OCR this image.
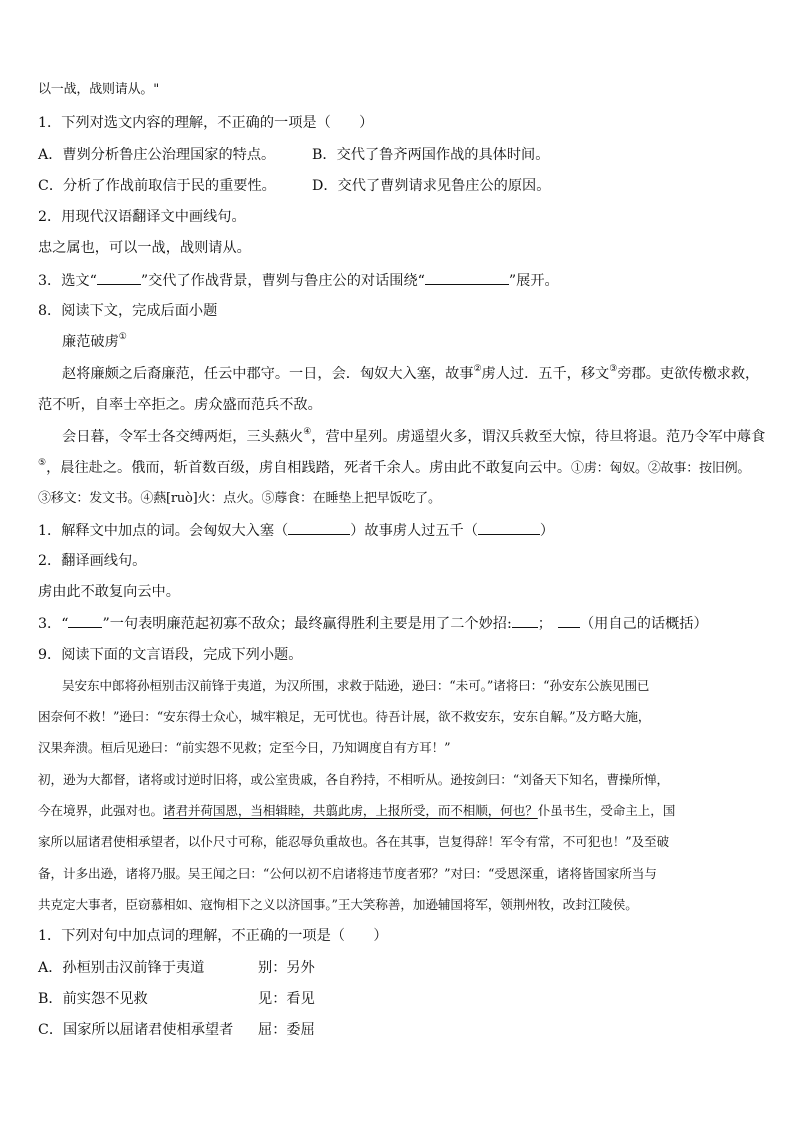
以一战，战则请从。"
1．下列对选文内容的理解，不正确的一项是（　　）
A．曹刿分析鲁庄公治理国家的特点。	B．交代了鲁齐两国作战的具体时间。
C．分析了作战前取信于民的重要性。	D．交代了曹刿请求见鲁庄公的原因。
2．用现代汉语翻译文中画线句。
忠之属也，可以一战，战则请从。
3．选文“	”交代了作战背景，曹刿与鲁庄公的对话围绕“	”展开。
8．阅读下文，完成后面小题
廉范破虏①
赵将廉颇之后裔廉范，任云中郡守。一日，会．匈奴大入塞，故事②虏人过．五千，移文③旁郡。吏欲传檄求救，
范不听，自率士卒拒之。虏众盛而范兵不敌。
会日暮，令军士各交缚两炬，三头爇火④，营中星列。虏遥望火多，谓汉兵救至大惊，待旦将退。范乃令军中蓐食
⑤，晨往赴之。俄而，斩首数百级，虏自相践踏，死者千余人。虏由此不敢复向云中。①虏：匈奴。②故事：按旧例。
③移文：发文书。④爇[ruò]火：点火。⑤蓐食：在睡垫上把早饭吃了。
1．解释文中加点的词。会匈奴大入塞（	）故事虏人过五千（	）
2．翻译画线句。
虏由此不敢复向云中。
3．“ ”一句表明廉范起初寡不敌众；最终赢得胜利主要是用了二个妙招: ； （用自己的话概括）
9．阅读下面的文言语段，完成下列小题。
吴安东中郎将孙桓别击汉前锋于夷道，为汉所围，求救于陆逊，逊曰：“未可。”诸将曰：“孙安东公族见围已
困奈何不救！”逊曰：“安东得士众心，城牢粮足，无可忧也。待吾计展，欲不救安东，安东自解。”及方略大施，
汉果奔溃。桓后见逊曰：“前实怨不见救；定至今日，乃知调度自有方耳！”
初，逊为大都督，诸将或讨逆时旧将，或公室贵戚，各自矜持，不相听从。逊按剑曰：“刘备天下知名，曹操所惮，
今在境界，此强对也。诸君并荷国恩，当相辑睦，共翦此虏，上报所受，而不相顺，何也？仆虽书生，受命主上，国
家所以屈诸君使相承望者，以仆尺寸可称，能忍辱负重故也。各在其事，岂复得辞！军令有常，不可犯也！”及至破
备，计多出逊，诸将乃服。吴王闻之曰：“公何以初不启诸将违节度者邪？”对曰：“受恩深重，诸将皆国家所当与
共克定大事者，臣窃慕相如、寇恂相下之义以济国事。”王大笑称善，加逊辅国将军，领荆州牧，改封江陵侯。
1．下列对句中加点词的理解，不正确的一项是（　　）
A．孙桓别击汉前锋于夷道	别：另外
B．前实怨不见救	见：看见
C．国家所以屈诸君使相承望者 屈：委屈
